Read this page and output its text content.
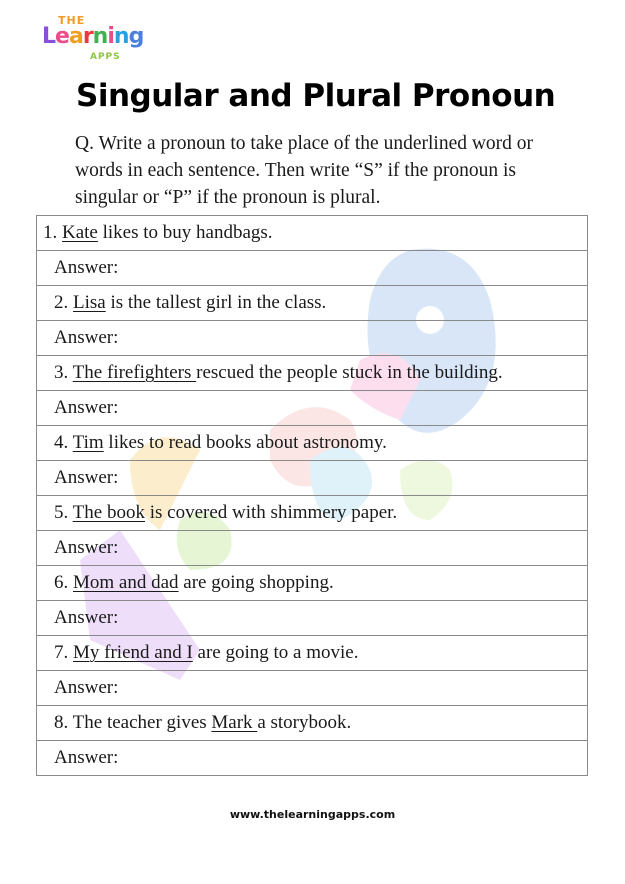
THE
Learning
APPS
Singular and Plural Pronoun
Q. Write a pronoun to take place of the underlined word or words in each sentence. Then write “S” if the pronoun is singular or “P” if the pronoun is plural.
1. Kate likes to buy handbags.
Answer:
2. Lisa is the tallest girl in the class.
Answer:
3. The firefighters rescued the people stuck in the building.
Answer:
4. Tim likes to read books about astronomy.
Answer:
5. The book is covered with shimmery paper.
Answer:
6. Mom and dad are going shopping.
Answer:
7. My friend and I are going to a movie.
Answer:
8. The teacher gives Mark a storybook.
Answer:
www.thelearningapps.com
